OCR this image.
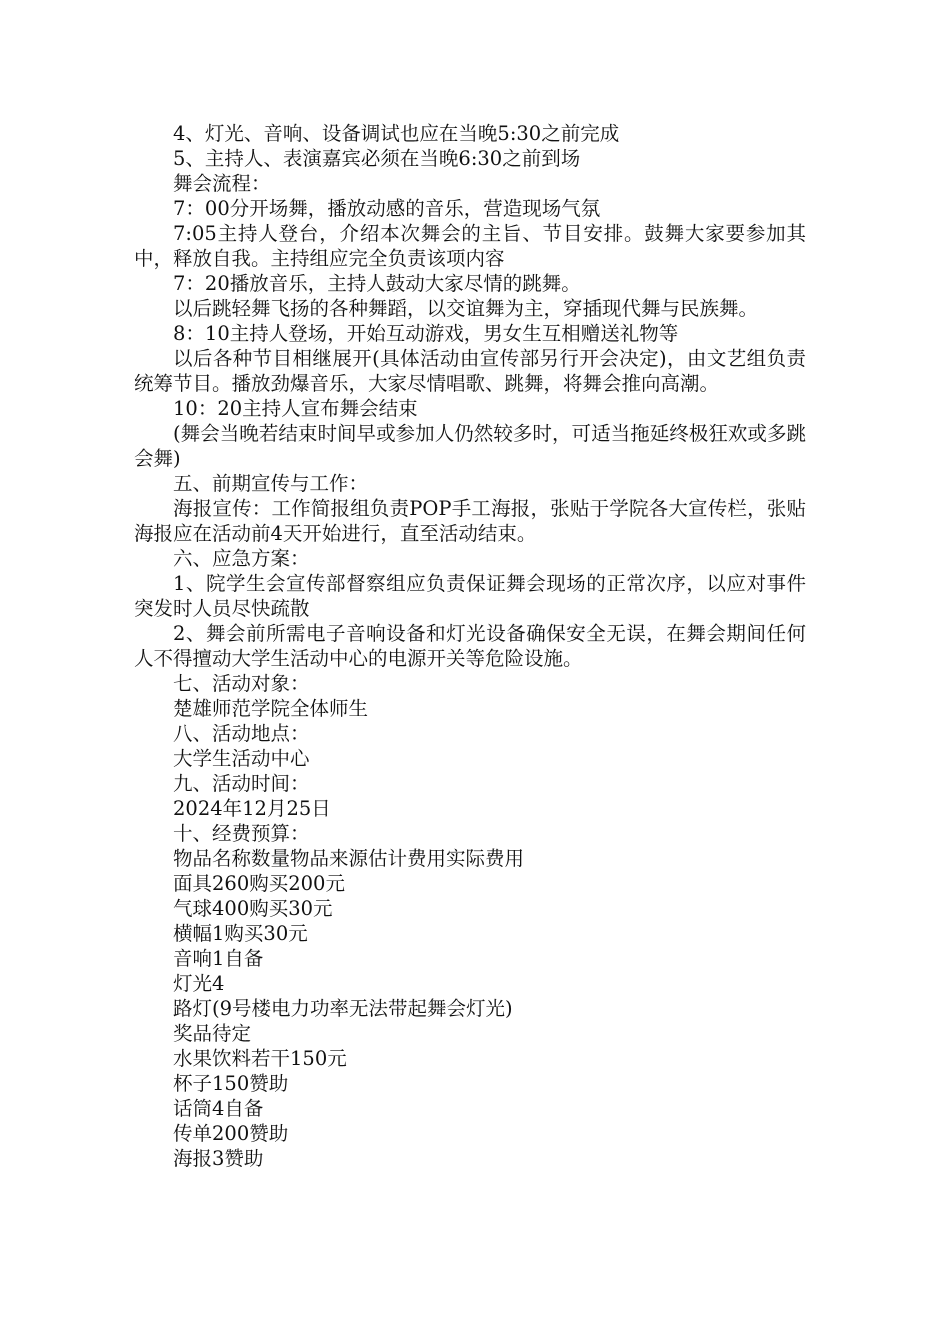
4、灯光、音响、设备调试也应在当晚5:30之前完成

5、主持人、表演嘉宾必须在当晚6:30之前到场

舞会流程：

7：00分开场舞，播放动感的音乐，营造现场气氛

7:05主持人登台，介绍本次舞会的主旨、节目安排。鼓舞大家要参加其中，释放自我。主持组应完全负责该项内容

7：20播放音乐，主持人鼓动大家尽情的跳舞。

以后跳轻舞飞扬的各种舞蹈，以交谊舞为主，穿插现代舞与民族舞。

8：10主持人登场，开始互动游戏，男女生互相赠送礼物等

以后各种节目相继展开(具体活动由宣传部另行开会决定)，由文艺组负责统筹节目。播放劲爆音乐，大家尽情唱歌、跳舞，将舞会推向高潮。

10：20主持人宣布舞会结束

(舞会当晚若结束时间早或参加人仍然较多时，可适当拖延终极狂欢或多跳会舞)

五、前期宣传与工作：

海报宣传：工作简报组负责POP手工海报，张贴于学院各大宣传栏，张贴海报应在活动前4天开始进行，直至活动结束。

六、应急方案：

1、院学生会宣传部督察组应负责保证舞会现场的正常次序，以应对事件突发时人员尽快疏散

2、舞会前所需电子音响设备和灯光设备确保安全无误，在舞会期间任何人不得擅动大学生活动中心的电源开关等危险设施。

七、活动对象：

楚雄师范学院全体师生

八、活动地点：

大学生活动中心

九、活动时间：

2024年12月25日

十、经费预算：

物品名称数量物品来源估计费用实际费用

面具260购买200元

气球400购买30元

横幅1购买30元

音响1自备

灯光4

路灯(9号楼电力功率无法带起舞会灯光)

奖品待定

水果饮料若干150元

杯子150赞助

话筒4自备

传单200赞助

海报3赞助
